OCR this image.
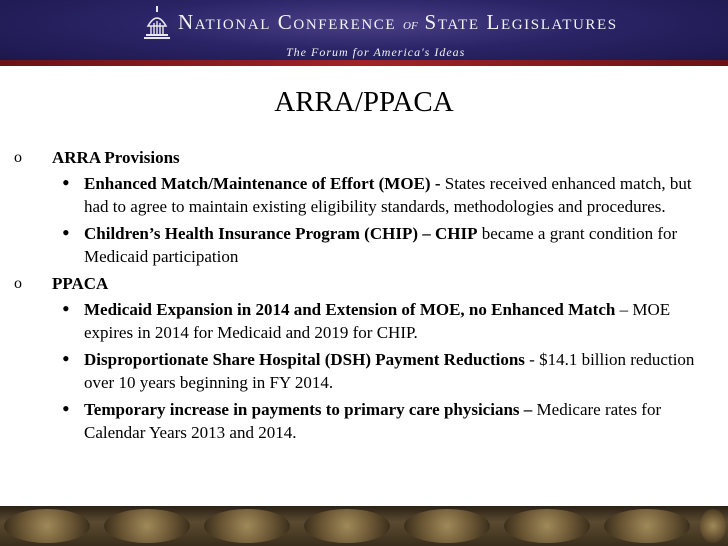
National Conference of State Legislatures
The Forum for America's Ideas
ARRA/PPACA
o ARRA Provisions
• Enhanced Match/Maintenance of Effort (MOE) - States received enhanced match, but had to agree to maintain existing eligibility standards, methodologies and procedures.
• Children’s Health Insurance Program (CHIP) – CHIP became a grant condition for Medicaid participation
o PPACA
• Medicaid Expansion in 2014 and Extension of MOE, no Enhanced Match – MOE expires in 2014 for Medicaid and 2019 for CHIP.
• Disproportionate Share Hospital (DSH) Payment Reductions - $14.1 billion reduction over 10 years beginning in FY 2014.
• Temporary increase in payments to primary care physicians – Medicare rates for Calendar Years 2013 and 2014.
